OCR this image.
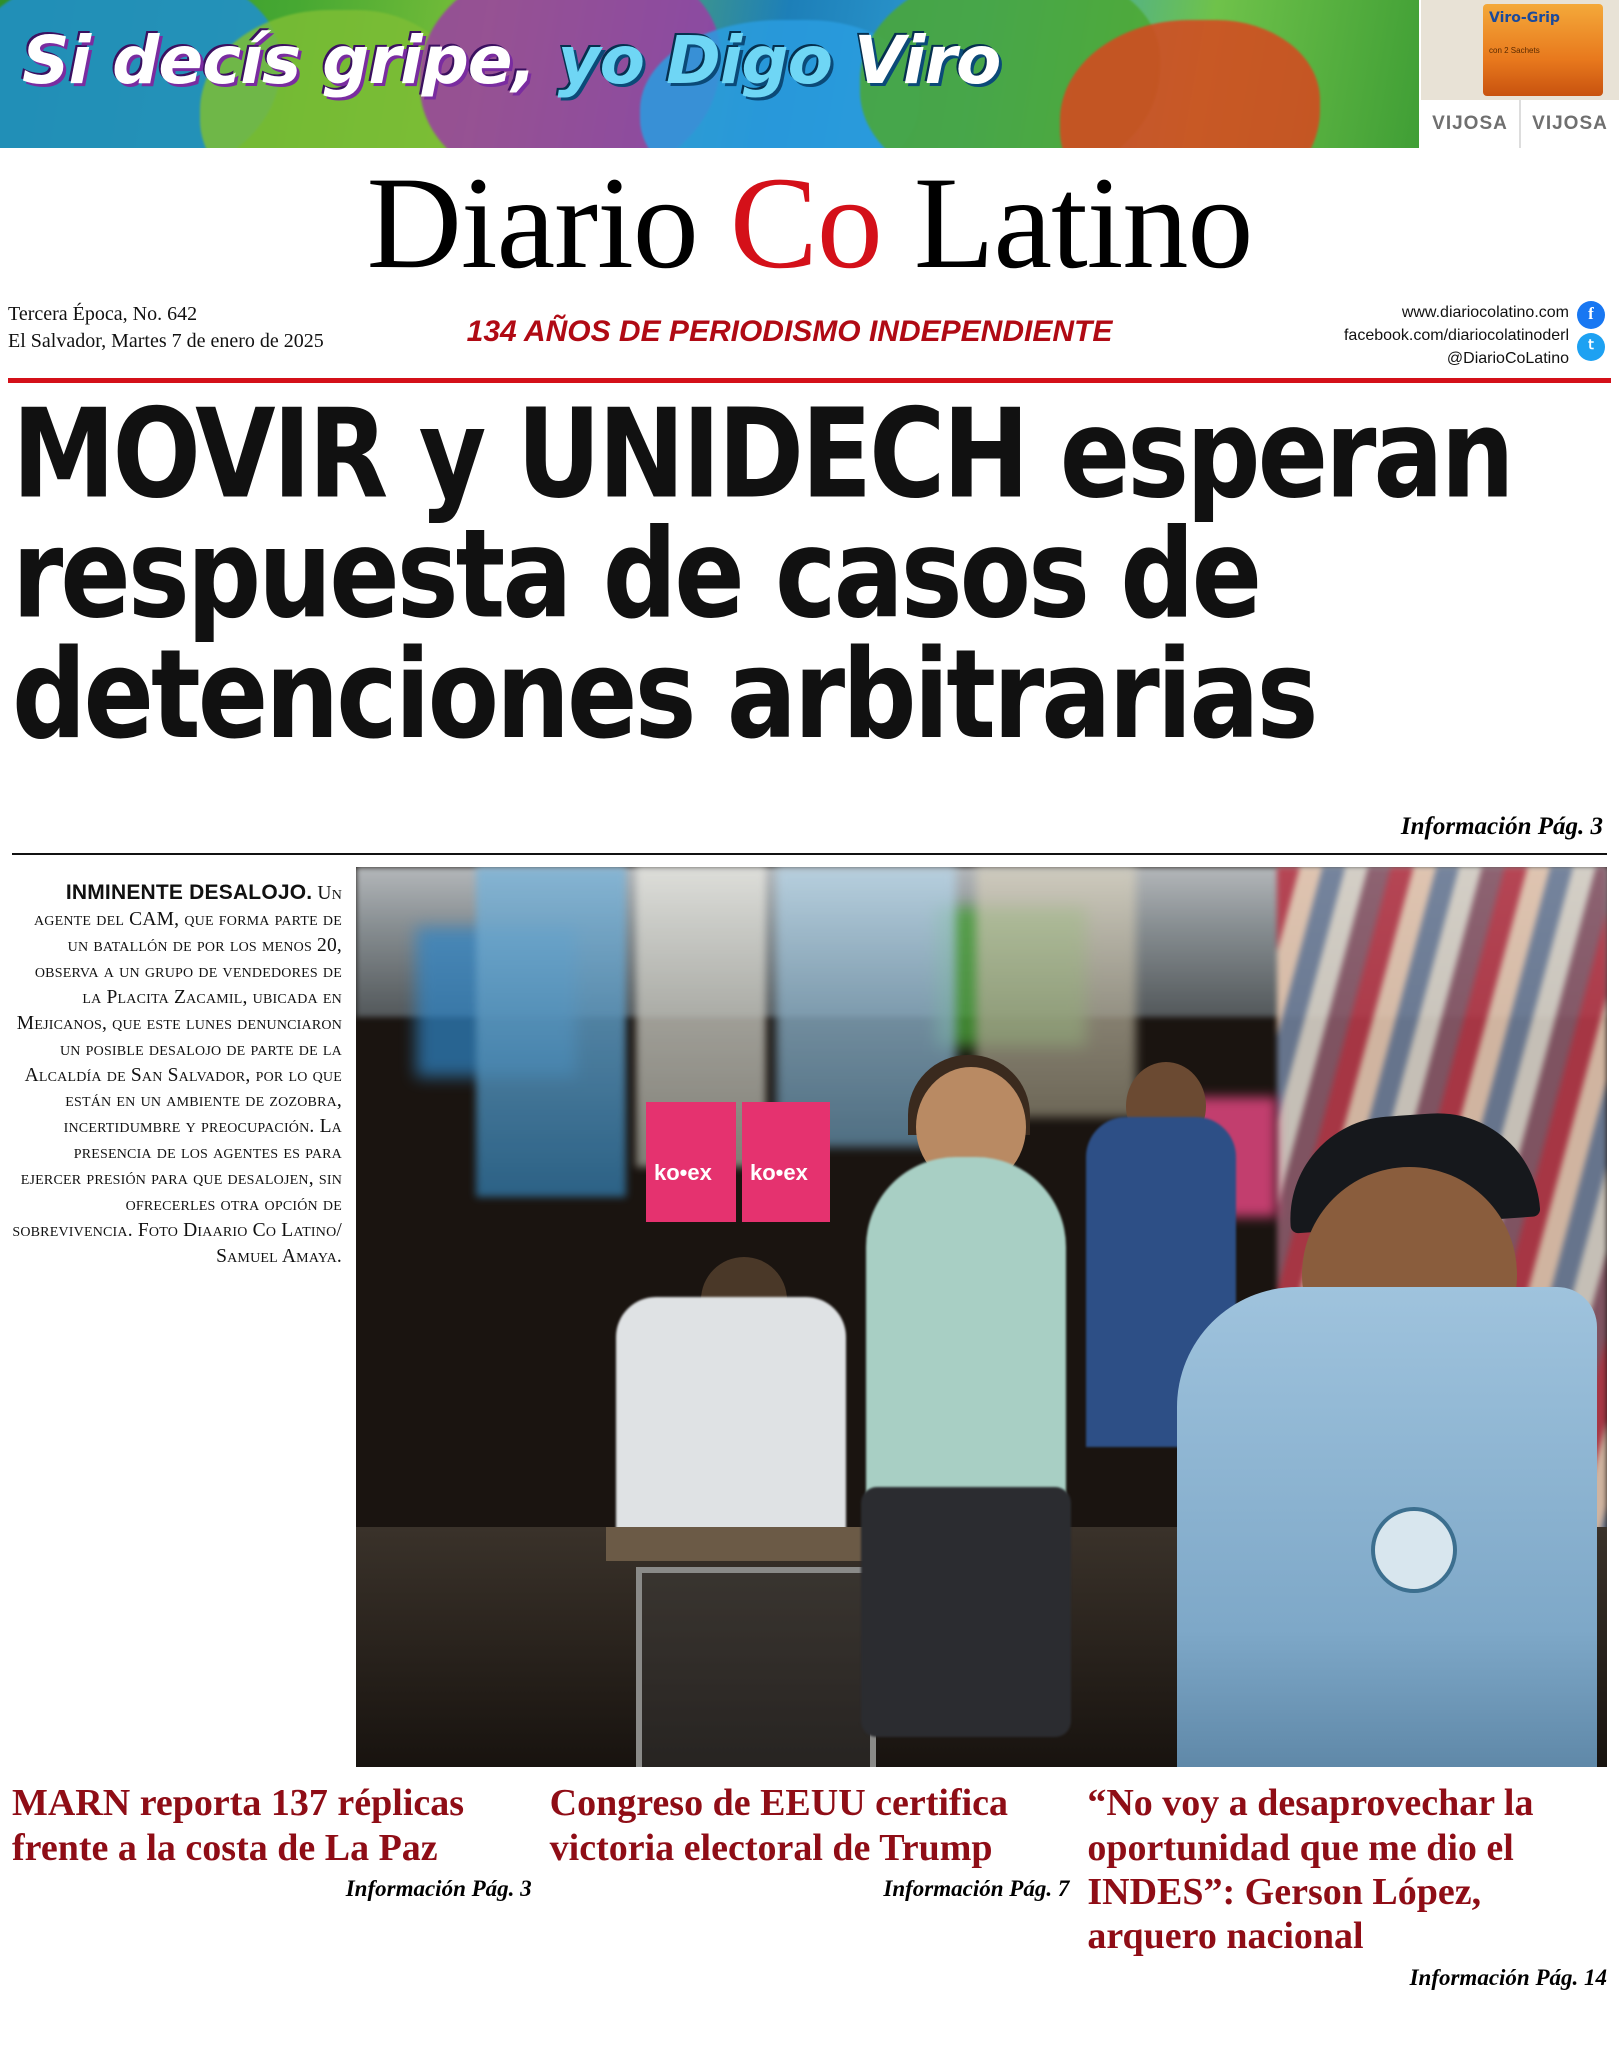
Si decís gripe,
yo Digo
Viro
Viro-Grip
con 2 Sachets
VIJOSA	VIJOSA
Diario Co Latino
Tercera Época, No. 642
El Salvador, Martes 7 de enero de 2025	134 AÑOS DE PERIODISMO INDEPENDIENTE
www.diariocolatino.com
facebook.com/diariocolatinoderl
@DiarioCoLatino
f
𝗍
MOVIR y UNIDECH esperan
respuesta de casos de
detenciones arbitrarias
Información Pág. 3
INMINENTE DESALOJO. Un agente del CAM, que forma parte de un batallón de por los menos 20, observa a un grupo de vendedores de la Placita Zacamil, ubicada en Mejicanos, que este lunes denunciaron un posible desalojo de parte de la Alcaldía de San Salvador, por lo que están en un ambiente de zozobra, incertidumbre y preocupación. La presencia de los agentes es para ejercer presión para que desalojen, sin ofrecerles otra opción de sobrevivencia. Foto Diaario Co Latino/ Samuel Amaya.
ko•ex ko•ex
MARN reporta 137 réplicas frente a la costa de La Paz
Información Pág. 3
Congreso de EEUU certifica victoria electoral de Trump
Información Pág. 7
“No voy a desaprovechar la oportunidad que me dio el INDES”: Gerson López, arquero nacional
Información Pág. 14
